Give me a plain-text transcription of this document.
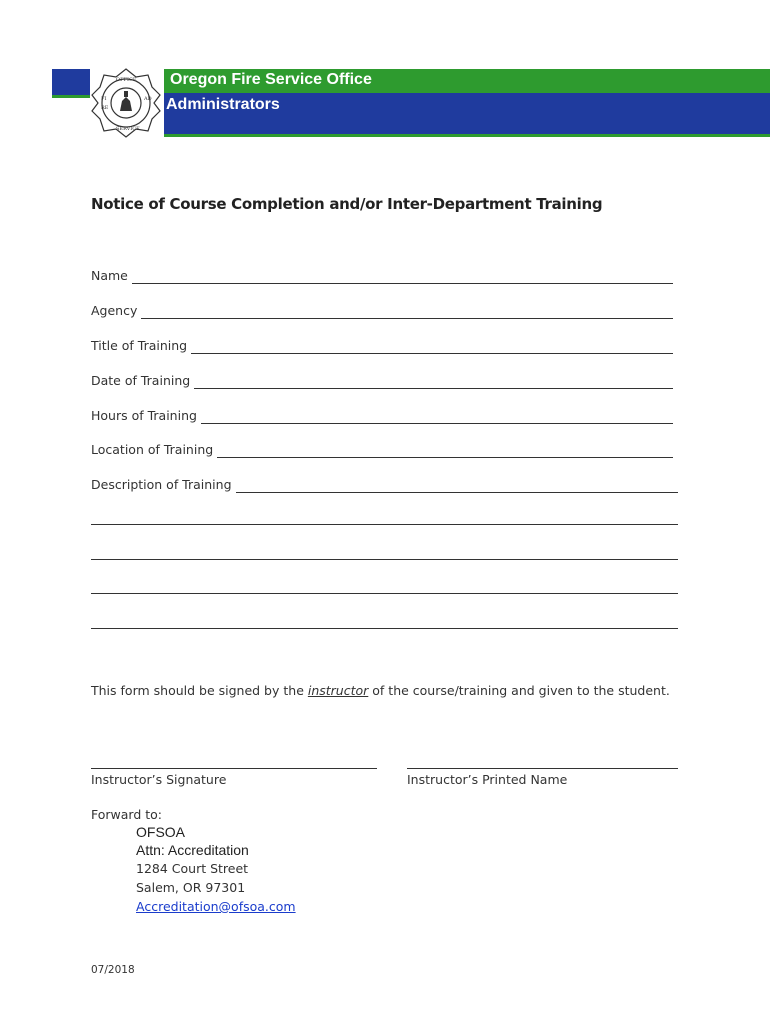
OFFICE
FI
RE
AD
SERVICE
Oregon Fire Service Office
Administrators
Notice of Course Completion and/or Inter-Department Training
Name
Agency
Title of Training
Date of Training
Hours of Training
Location of Training
Description of Training
This form should be signed by the instructor of the course/training and given to the student.
Instructor’s Signature	Instructor’s Printed Name
Forward to:
OFSOA
Attn: Accreditation
1284 Court Street
Salem, OR 97301
Accreditation@ofsoa.com
07/2018
